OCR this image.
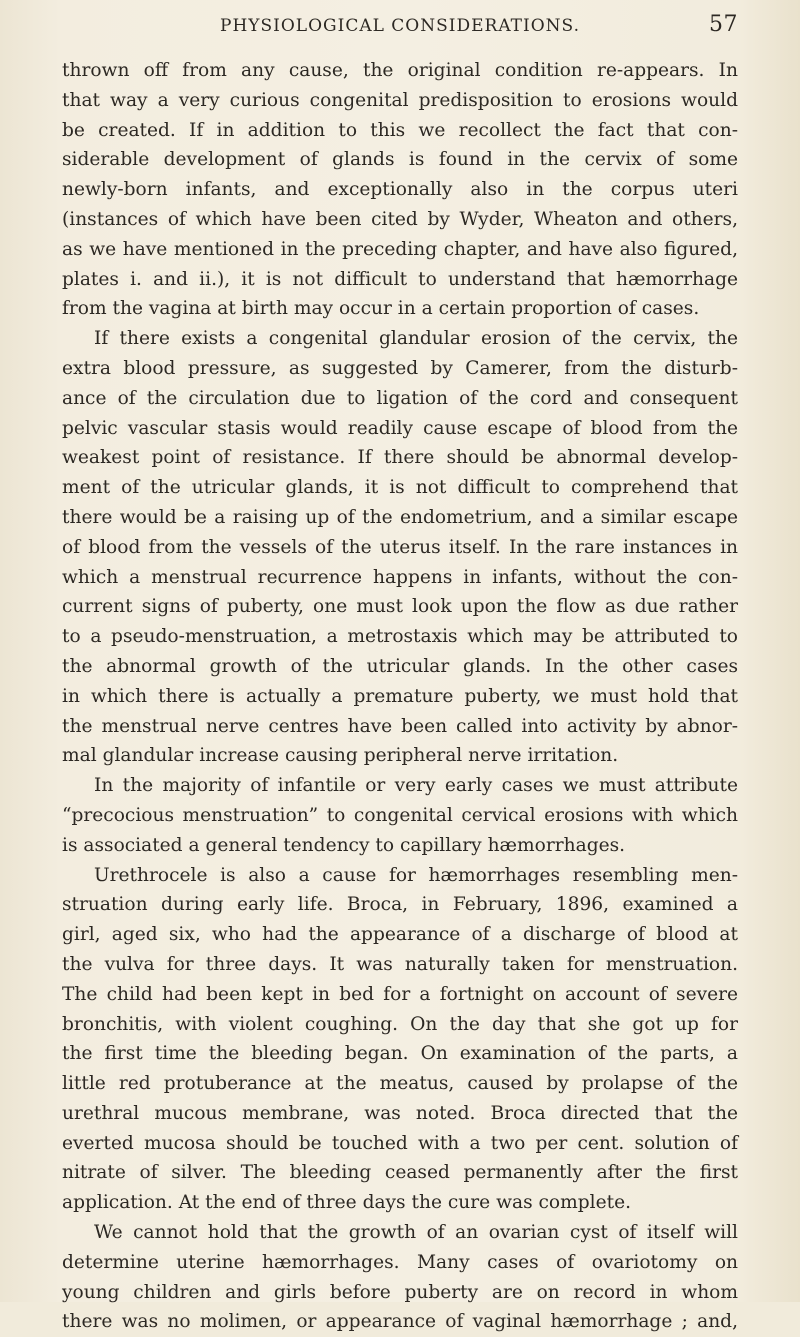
PHYSIOLOGICAL CONSIDERATIONS.	57
thrown off from any cause, the original condition re-appears. In
that way a very curious congenital predisposition to erosions would
be created. If in addition to this we recollect the fact that con-
siderable development of glands is found in the cervix of some
newly-born infants, and exceptionally also in the corpus uteri
(instances of which have been cited by Wyder, Wheaton and others,
as we have mentioned in the preceding chapter, and have also figured,
plates i. and ii.), it is not difficult to understand that hæmorrhage
from the vagina at birth may occur in a certain proportion of cases.
If there exists a congenital glandular erosion of the cervix, the
extra blood pressure, as suggested by Camerer, from the disturb-
ance of the circulation due to ligation of the cord and consequent
pelvic vascular stasis would readily cause escape of blood from the
weakest point of resistance. If there should be abnormal develop-
ment of the utricular glands, it is not difficult to comprehend that
there would be a raising up of the endometrium, and a similar escape
of blood from the vessels of the uterus itself. In the rare instances in
which a menstrual recurrence happens in infants, without the con-
current signs of puberty, one must look upon the flow as due rather
to a pseudo-menstruation, a metrostaxis which may be attributed to
the abnormal growth of the utricular glands. In the other cases
in which there is actually a premature puberty, we must hold that
the menstrual nerve centres have been called into activity by abnor-
mal glandular increase causing peripheral nerve irritation.
In the majority of infantile or very early cases we must attribute
“precocious menstruation” to congenital cervical erosions with which
is associated a general tendency to capillary hæmorrhages.
Urethrocele is also a cause for hæmorrhages resembling men-
struation during early life. Broca, in February, 1896, examined a
girl, aged six, who had the appearance of a discharge of blood at
the vulva for three days. It was naturally taken for menstruation.
The child had been kept in bed for a fortnight on account of severe
bronchitis, with violent coughing. On the day that she got up for
the first time the bleeding began. On examination of the parts, a
little red protuberance at the meatus, caused by prolapse of the
urethral mucous membrane, was noted. Broca directed that the
everted mucosa should be touched with a two per cent. solution of
nitrate of silver. The bleeding ceased permanently after the first
application. At the end of three days the cure was complete.
We cannot hold that the growth of an ovarian cyst of itself will
determine uterine hæmorrhages. Many cases of ovariotomy on
young children and girls before puberty are on record in whom
there was no molimen, or appearance of vaginal hæmorrhage ; and,
